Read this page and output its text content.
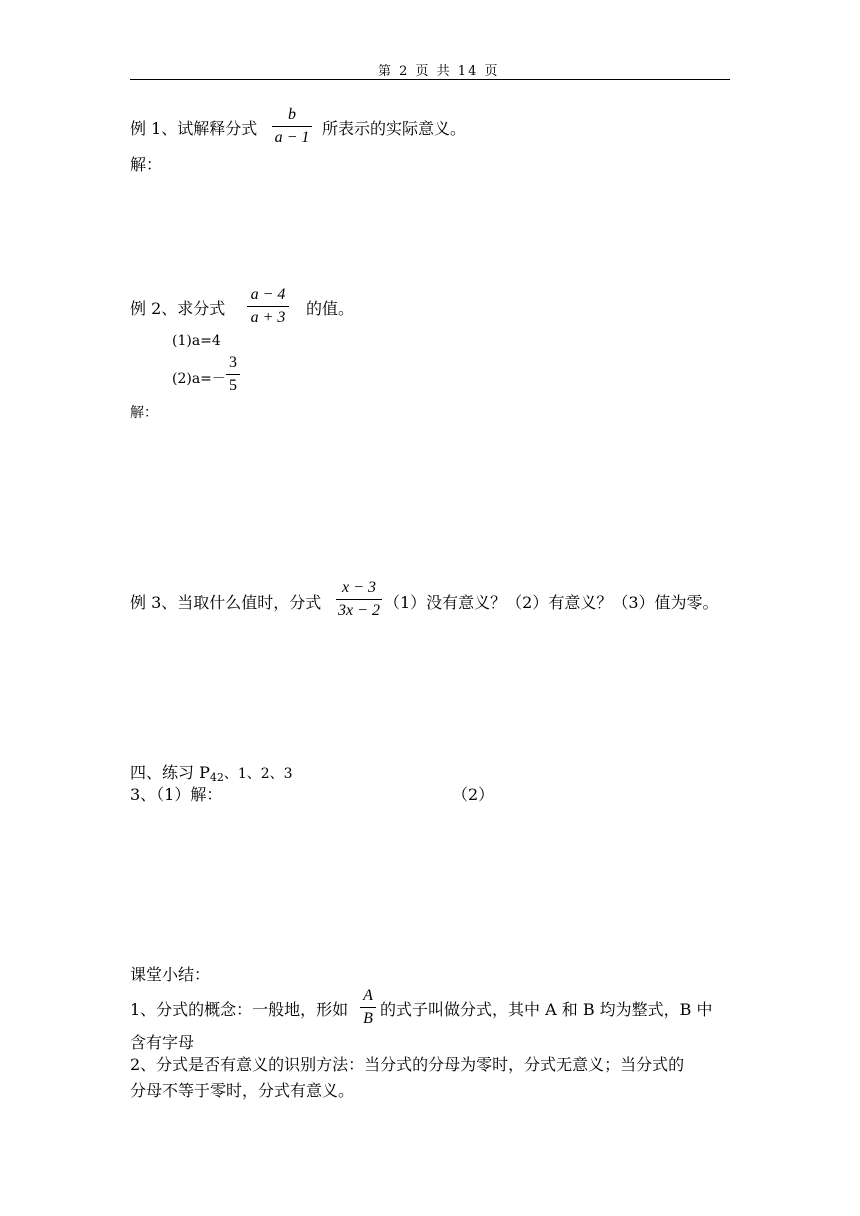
第 2 页 共 14 页
例 1、试解释分式 $\frac{b}{a - 1}$ 所表示的实际意义。
解：
例 2、求分式 $\frac{a - 4}{a + 3}$ 的值。
(1)a=4
$(2)a=- \frac{3}{5}$
解：
例 3、当取什么值时，分式 $\frac{x - 3}{3x - 2} (1)$没有意义？（2）有意义？（3）值为零。
四、练习 $P_{42}$、1、2、3
3、（1）解：	（2）
课堂小结：
1、分式的概念：一般地，形如 $\frac{A}{B}$ 的式子叫做分式，其中 A 和 B 均为整式，B 中
含有字母
2、分式是否有意义的识别方法：当分式的分母为零时，分式无意义；当分式的
分母不等于零时，分式有意义。
